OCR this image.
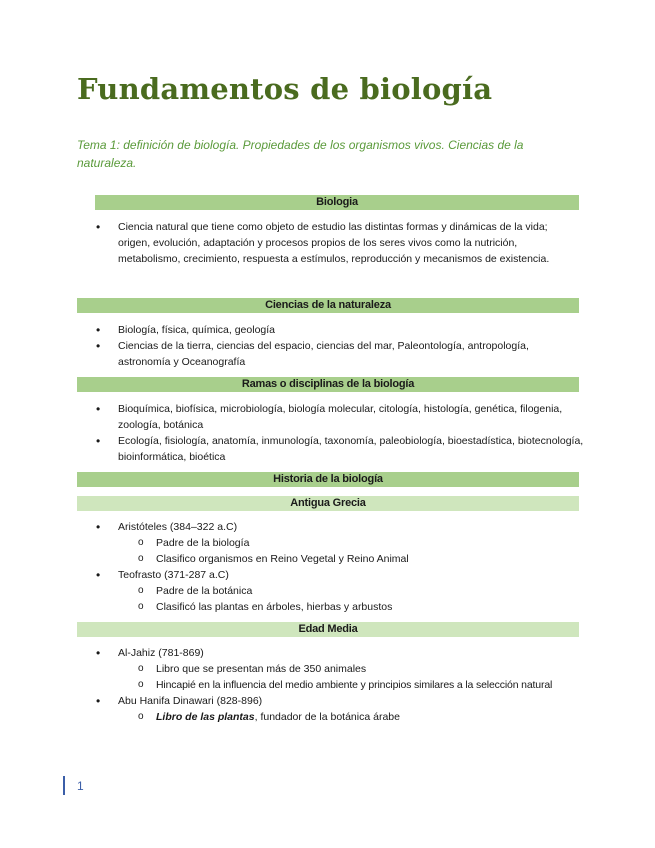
Fundamentos de biología

Tema 1: definición de biología. Propiedades de los organismos vivos. Ciencias de la naturaleza.

Biologia
• Ciencia natural que tiene como objeto de estudio las distintas formas y dinámicas de la vida; origen, evolución, adaptación y procesos propios de los seres vivos como la nutrición, metabolismo, crecimiento, respuesta a estímulos, reproducción y mecanismos de existencia.
Ciencias de la naturaleza
• Biología, física, química, geología
• Ciencias de la tierra, ciencias del espacio, ciencias del mar, Paleontología, antropología, astronomía y Oceanografía
Ramas o disciplinas de la biología
• Bioquímica, biofísica, microbiología, biología molecular, citología, histología, genética, filogenia, zoología, botánica
• Ecología, fisiología, anatomía, inmunología, taxonomía, paleobiología, bioestadística, biotecnología, bioinformática, bioética
Historia de la biología
Antigua Grecia
• Aristóteles (384–322 a.C)
o Padre de la biología
o Clasifico organismos en Reino Vegetal y Reino Animal
• Teofrasto (371-287 a.C)
o Padre de la botánica
o Clasificó las plantas en árboles, hierbas y arbustos
Edad Media
• Al-Jahiz (781-869)
o Libro que se presentan más de 350 animales
o Hincapié en la influencia del medio ambiente y principios similares a la selección natural
• Abu Hanifa Dinawari (828-896)
o Libro de las plantas, fundador de la botánica árabe
1
